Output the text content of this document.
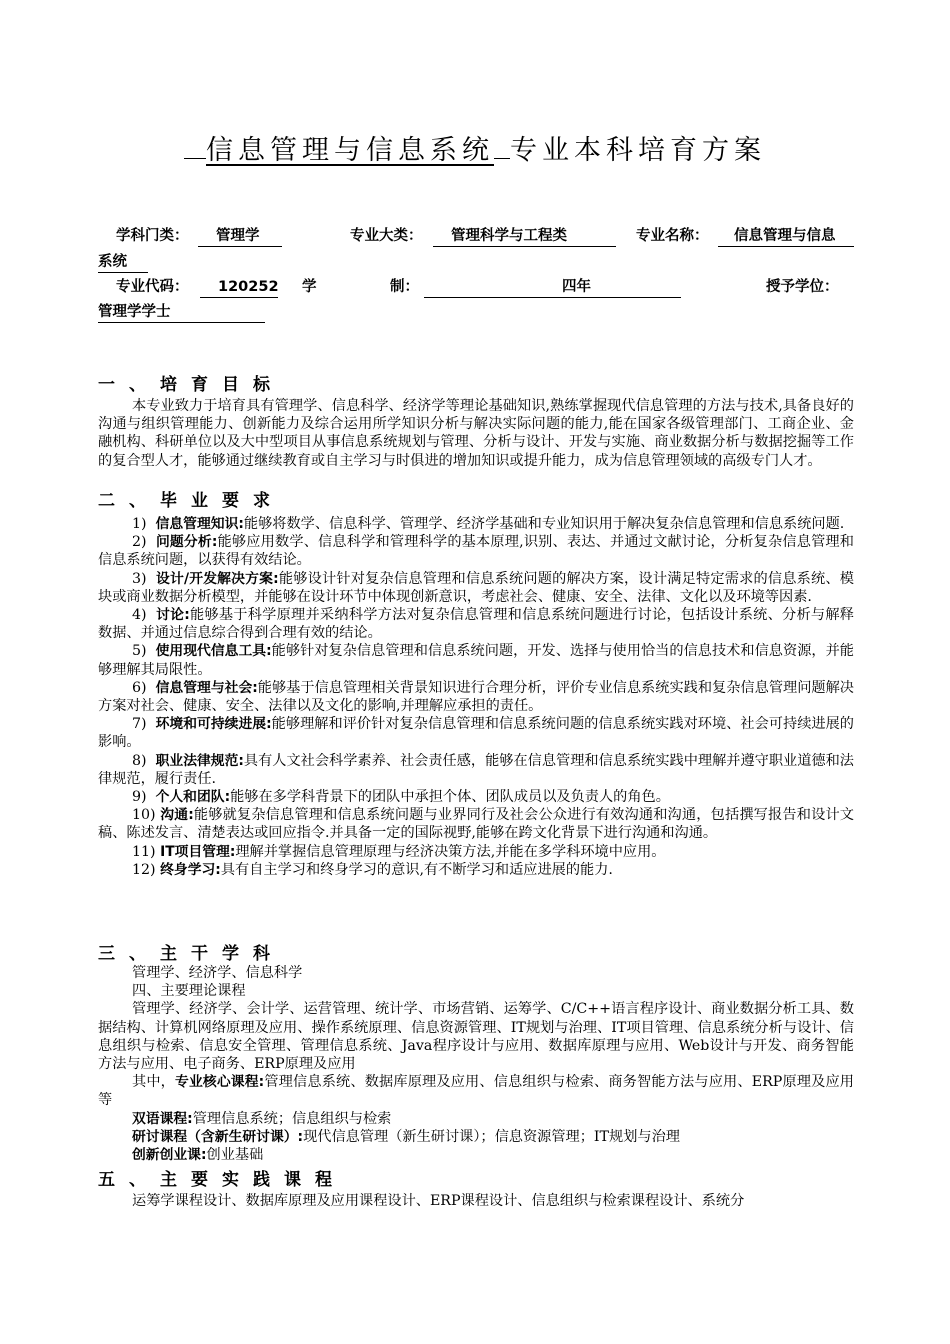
信息管理与信息系统 专业本科培育方案
学科门类：	管理学	专业大类：	管理科学与工程类	专业名称：	信息管理与信息
系统
专业代码：	120252 学	制：	四年	授予学位：
管理学学士
一、培育目标

本专业致力于培育具有管理学、信息科学、经济学等理论基础知识,熟练掌握现代信息管理的方法与技术,具备良好的沟通与组织管理能力、创新能力及综合运用所学知识分析与解决实际问题的能力,能在国家各级管理部门、工商企业、金融机构、科研单位以及大中型项目从事信息系统规划与管理、分析与设计、开发与实施、商业数据分析与数据挖掘等工作的复合型人才，能够通过继续教育或自主学习与时俱进的增加知识或提升能力，成为信息管理领域的高级专门人才。

二、毕业要求
1) 信息管理知识:能够将数学、信息科学、管理学、经济学基础和专业知识用于解决复杂信息管理和信息系统问题.
2) 问题分析:能够应用数学、信息科学和管理科学的基本原理,识别、表达、并通过文献讨论，分析复杂信息管理和信息系统问题，以获得有效结论。
3) 设计/开发解决方案:能够设计针对复杂信息管理和信息系统问题的解决方案，设计满足特定需求的信息系统、模块或商业数据分析模型，并能够在设计环节中体现创新意识，考虑社会、健康、安全、法律、文化以及环境等因素.
4) 讨论:能够基于科学原理并采纳科学方法对复杂信息管理和信息系统问题进行讨论，包括设计系统、分析与解释数据、并通过信息综合得到合理有效的结论。
5) 使用现代信息工具:能够针对复杂信息管理和信息系统问题，开发、选择与使用恰当的信息技术和信息资源，并能够理解其局限性。
6) 信息管理与社会:能够基于信息管理相关背景知识进行合理分析，评价专业信息系统实践和复杂信息管理问题解决方案对社会、健康、安全、法律以及文化的影响,并理解应承担的责任。
7) 环境和可持续进展:能够理解和评价针对复杂信息管理和信息系统问题的信息系统实践对环境、社会可持续进展的影响。
8) 职业法律规范:具有人文社会科学素养、社会责任感，能够在信息管理和信息系统实践中理解并遵守职业道德和法律规范，履行责任.
9) 个人和团队:能够在多学科背景下的团队中承担个体、团队成员以及负责人的角色。
10) 沟通:能够就复杂信息管理和信息系统问题与业界同行及社会公众进行有效沟通和沟通，包括撰写报告和设计文稿、陈述发言、清楚表达或回应指令.并具备一定的国际视野,能够在跨文化背景下进行沟通和沟通。
11) IT项目管理:理解并掌握信息管理原理与经济决策方法,并能在多学科环境中应用。
12) 终身学习:具有自主学习和终身学习的意识,有不断学习和适应进展的能力.
三、主干学科

管理学、经济学、信息科学

四、主要理论课程

管理学、经济学、会计学、运营管理、统计学、市场营销、运筹学、C/C++语言程序设计、商业数据分析工具、数据结构、计算机网络原理及应用、操作系统原理、信息资源管理、IT规划与治理、IT项目管理、信息系统分析与设计、信息组织与检索、信息安全管理、管理信息系统、Java程序设计与应用、数据库原理与应用、Web设计与开发、商务智能方法与应用、电子商务、ERP原理及应用

其中，专业核心课程:管理信息系统、数据库原理及应用、信息组织与检索、商务智能方法与应用、ERP原理及应用等

双语课程:管理信息系统；信息组织与检索

研讨课程（含新生研讨课）:现代信息管理（新生研讨课）；信息资源管理；IT规划与治理

创新创业课:创业基础

五、主要实践课程

运筹学课程设计、数据库原理及应用课程设计、ERP课程设计、信息组织与检索课程设计、系统分
